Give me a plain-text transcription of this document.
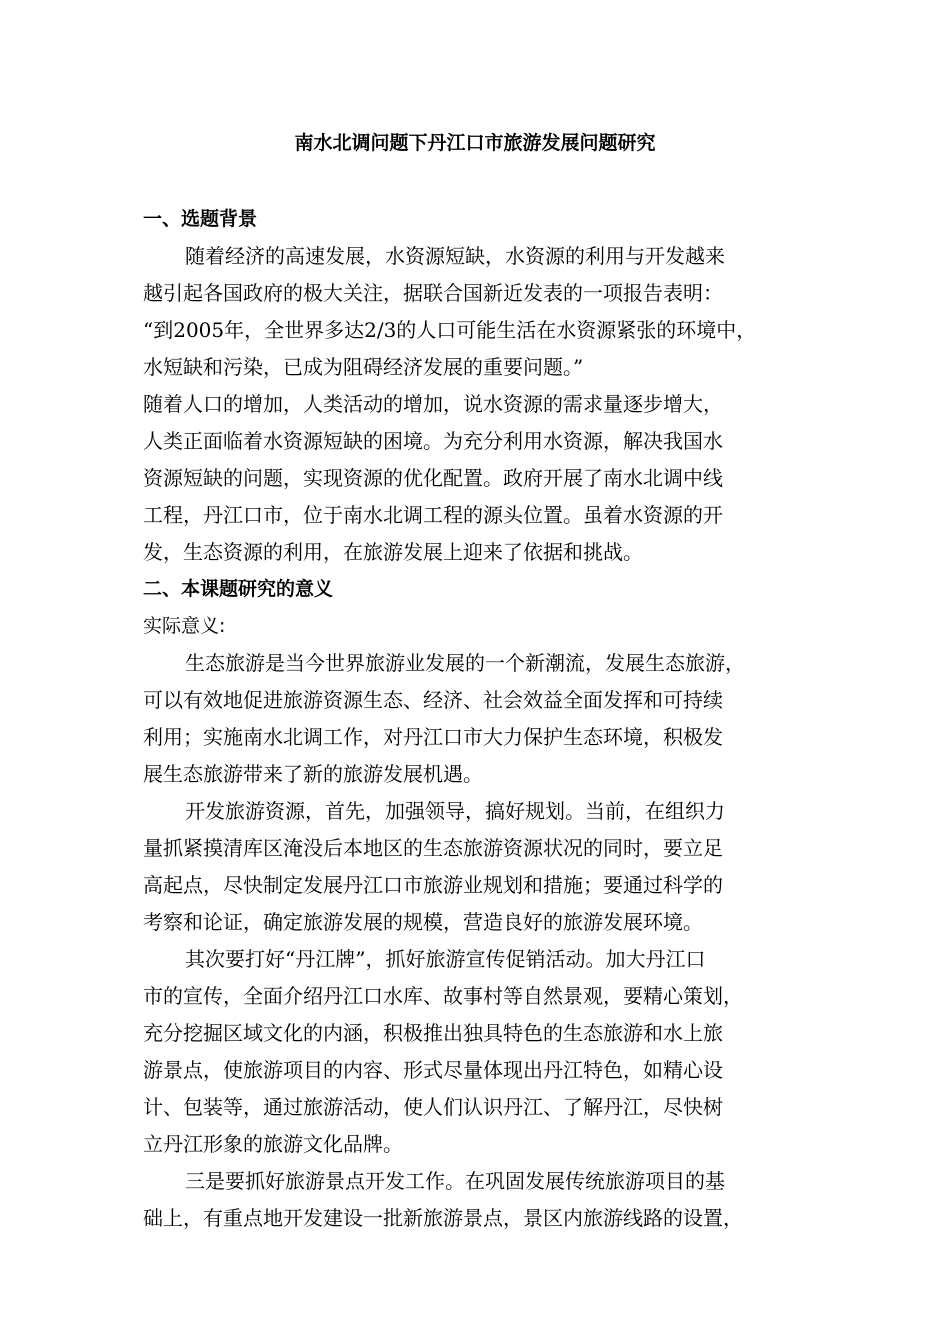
南水北调问题下丹江口市旅游发展问题研究
一、选题背景
随着经济的高速发展，水资源短缺，水资源的利用与开发越来
越引起各国政府的极大关注，据联合国新近发表的一项报告表明：
“到2005年，全世界多达2/3的人口可能生活在水资源紧张的环境中，
水短缺和污染，已成为阻碍经济发展的重要问题。”
随着人口的增加，人类活动的增加，说水资源的需求量逐步增大，
人类正面临着水资源短缺的困境。为充分利用水资源，解决我国水
资源短缺的问题，实现资源的优化配置。政府开展了南水北调中线
工程，丹江口市，位于南水北调工程的源头位置。虽着水资源的开
发，生态资源的利用，在旅游发展上迎来了依据和挑战。
二、本课题研究的意义
实际意义:
生态旅游是当今世界旅游业发展的一个新潮流，发展生态旅游，
可以有效地促进旅游资源生态、经济、社会效益全面发挥和可持续
利用；实施南水北调工作，对丹江口市大力保护生态环境，积极发
展生态旅游带来了新的旅游发展机遇。
开发旅游资源，首先，加强领导，搞好规划。当前，在组织力
量抓紧摸清库区淹没后本地区的生态旅游资源状况的同时，要立足
高起点，尽快制定发展丹江口市旅游业规划和措施；要通过科学的
考察和论证，确定旅游发展的规模，营造良好的旅游发展环境。
其次要打好“丹江牌”，抓好旅游宣传促销活动。加大丹江口
市的宣传，全面介绍丹江口水库、故事村等自然景观，要精心策划，
充分挖掘区域文化的内涵，积极推出独具特色的生态旅游和水上旅
游景点，使旅游项目的内容、形式尽量体现出丹江特色，如精心设
计、包装等，通过旅游活动，使人们认识丹江、了解丹江，尽快树
立丹江形象的旅游文化品牌。
三是要抓好旅游景点开发工作。在巩固发展传统旅游项目的基
础上，有重点地开发建设一批新旅游景点，景区内旅游线路的设置，
